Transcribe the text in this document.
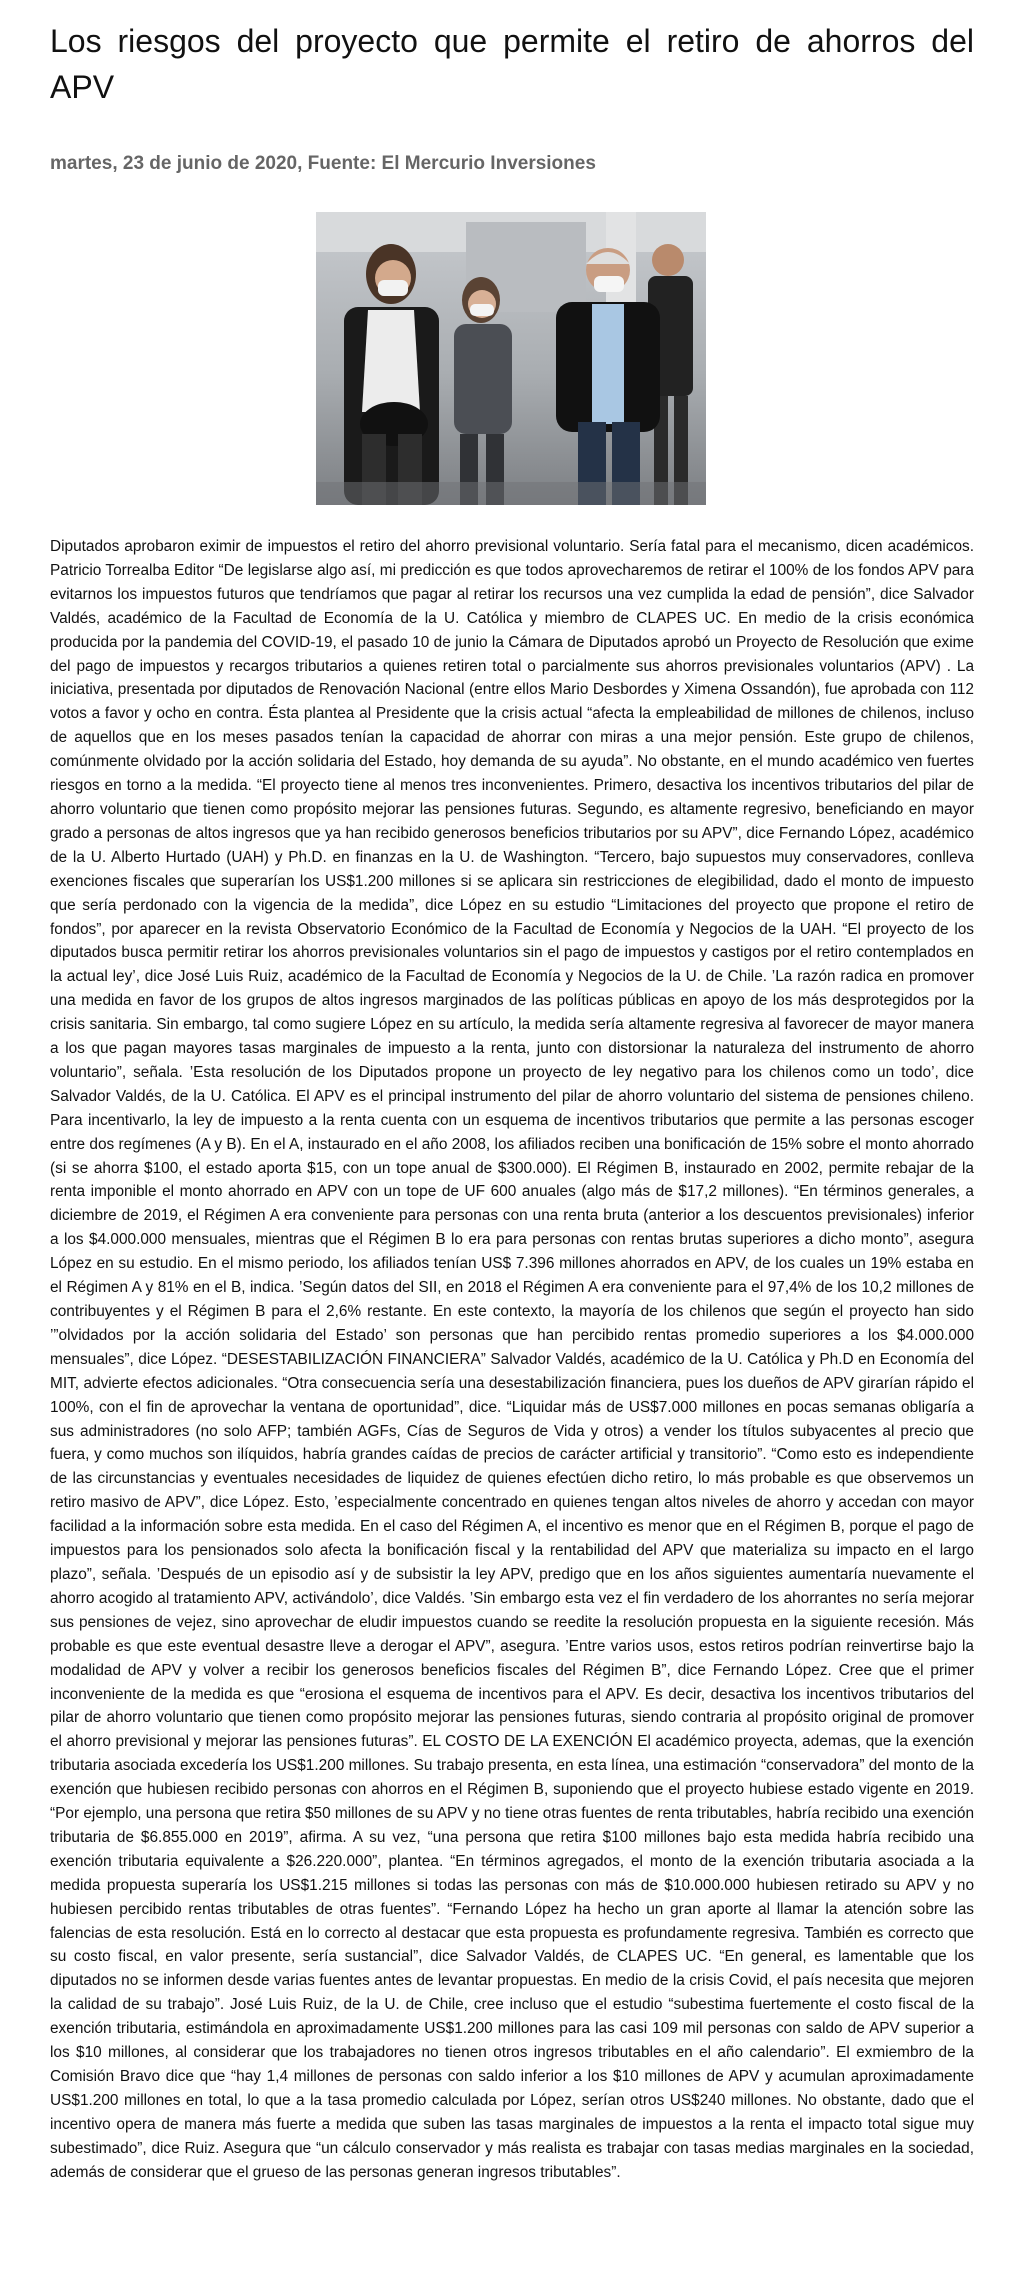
Los riesgos del proyecto que permite el retiro de ahorros del APV

martes, 23 de junio de 2020, Fuente: El Mercurio Inversiones

Diputados aprobaron eximir de impuestos el retiro del ahorro previsional voluntario. Sería fatal para el mecanismo, dicen académicos. Patricio Torrealba Editor “De legislarse algo así, mi predicción es que todos aprovecharemos de retirar el 100% de los fondos APV para evitarnos los impuestos futuros que tendríamos que pagar al retirar los recursos una vez cumplida la edad de pensión”, dice Salvador Valdés, académico de la Facultad de Economía de la U. Católica y miembro de CLAPES UC. En medio de la crisis económica producida por la pandemia del COVID-19, el pasado 10 de junio la Cámara de Diputados aprobó un Proyecto de Resolución que exime del pago de impuestos y recargos tributarios a quienes retiren total o parcialmente sus ahorros previsionales voluntarios (APV) . La iniciativa, presentada por diputados de Renovación Nacional (entre ellos Mario Desbordes y Ximena Ossandón), fue aprobada con 112 votos a favor y ocho en contra. Ésta plantea al Presidente que la crisis actual “afecta la empleabilidad de millones de chilenos, incluso de aquellos que en los meses pasados tenían la capacidad de ahorrar con miras a una mejor pensión. Este grupo de chilenos, comúnmente olvidado por la acción solidaria del Estado, hoy demanda de su ayuda”. No obstante, en el mundo académico ven fuertes riesgos en torno a la medida. “El proyecto tiene al menos tres inconvenientes. Primero, desactiva los incentivos tributarios del pilar de ahorro voluntario que tienen como propósito mejorar las pensiones futuras. Segundo, es altamente regresivo, beneficiando en mayor grado a personas de altos ingresos que ya han recibido generosos beneficios tributarios por su APV”, dice Fernando López, académico de la U. Alberto Hurtado (UAH) y Ph.D. en finanzas en la U. de Washington. “Tercero, bajo supuestos muy conservadores, conlleva exenciones fiscales que superarían los US$1.200 millones si se aplicara sin restricciones de elegibilidad, dado el monto de impuesto que sería perdonado con la vigencia de la medida”, dice López en su estudio “Limitaciones del proyecto que propone el retiro de fondos”, por aparecer en la revista Observatorio Económico de la Facultad de Economía y Negocios de la UAH. “El proyecto de los diputados busca permitir retirar los ahorros previsionales voluntarios sin el pago de impuestos y castigos por el retiro contemplados en la actual ley’, dice José Luis Ruiz, académico de la Facultad de Economía y Negocios de la U. de Chile. ’La razón radica en promover una medida en favor de los grupos de altos ingresos marginados de las políticas públicas en apoyo de los más desprotegidos por la crisis sanitaria. Sin embargo, tal como sugiere López en su artículo, la medida sería altamente regresiva al favorecer de mayor manera a los que pagan mayores tasas marginales de impuesto a la renta, junto con distorsionar la naturaleza del instrumento de ahorro voluntario”, señala. ’Esta resolución de los Diputados propone un proyecto de ley negativo para los chilenos como un todo’, dice Salvador Valdés, de la U. Católica. El APV es el principal instrumento del pilar de ahorro voluntario del sistema de pensiones chileno. Para incentivarlo, la ley de impuesto a la renta cuenta con un esquema de incentivos tributarios que permite a las personas escoger entre dos regímenes (A y B). En el A, instaurado en el año 2008, los afiliados reciben una bonificación de 15% sobre el monto ahorrado (si se ahorra $100, el estado aporta $15, con un tope anual de $300.000). El Régimen B, instaurado en 2002, permite rebajar de la renta imponible el monto ahorrado en APV con un tope de UF 600 anuales (algo más de $17,2 millones). “En términos generales, a diciembre de 2019, el Régimen A era conveniente para personas con una renta bruta (anterior a los descuentos previsionales) inferior a los $4.000.000 mensuales, mientras que el Régimen B lo era para personas con rentas brutas superiores a dicho monto”, asegura López en su estudio. En el mismo periodo, los afiliados tenían US$ 7.396 millones ahorrados en APV, de los cuales un 19% estaba en el Régimen A y 81% en el B, indica. ’Según datos del SII, en 2018 el Régimen A era conveniente para el 97,4% de los 10,2 millones de contribuyentes y el Régimen B para el 2,6% restante. En este contexto, la mayoría de los chilenos que según el proyecto han sido ’”olvidados por la acción solidaria del Estado’ son personas que han percibido rentas promedio superiores a los $4.000.000 mensuales”, dice López. “DESESTABILIZACIÓN FINANCIERA” Salvador Valdés, académico de la U. Católica y Ph.D en Economía del MIT, advierte efectos adicionales. “Otra consecuencia sería una desestabilización financiera, pues los dueños de APV girarían rápido el 100%, con el fin de aprovechar la ventana de oportunidad”, dice. “Liquidar más de US$7.000 millones en pocas semanas obligaría a sus administradores (no solo AFP; también AGFs, Cías de Seguros de Vida y otros) a vender los títulos subyacentes al precio que fuera, y como muchos son ilíquidos, habría grandes caídas de precios de carácter artificial y transitorio”. “Como esto es independiente de las circunstancias y eventuales necesidades de liquidez de quienes efectúen dicho retiro, lo más probable es que observemos un retiro masivo de APV”, dice López. Esto, ’especialmente concentrado en quienes tengan altos niveles de ahorro y accedan con mayor facilidad a la información sobre esta medida. En el caso del Régimen A, el incentivo es menor que en el Régimen B, porque el pago de impuestos para los pensionados solo afecta la bonificación fiscal y la rentabilidad del APV que materializa su impacto en el largo plazo”, señala. ’Después de un episodio así y de subsistir la ley APV, predigo que en los años siguientes aumentaría nuevamente el ahorro acogido al tratamiento APV, activándolo’, dice Valdés. ’Sin embargo esta vez el fin verdadero de los ahorrantes no sería mejorar sus pensiones de vejez, sino aprovechar de eludir impuestos cuando se reedite la resolución propuesta en la siguiente recesión. Más probable es que este eventual desastre lleve a derogar el APV”, asegura. ’Entre varios usos, estos retiros podrían reinvertirse bajo la modalidad de APV y volver a recibir los generosos beneficios fiscales del Régimen B”, dice Fernando López. Cree que el primer inconveniente de la medida es que “erosiona el esquema de incentivos para el APV. Es decir, desactiva los incentivos tributarios del pilar de ahorro voluntario que tienen como propósito mejorar las pensiones futuras, siendo contraria al propósito original de promover el ahorro previsional y mejorar las pensiones futuras”. EL COSTO DE LA EXENCIÓN El académico proyecta, ademas, que la exención tributaria asociada excedería los US$1.200 millones. Su trabajo presenta, en esta línea, una estimación “conservadora” del monto de la exención que hubiesen recibido personas con ahorros en el Régimen B, suponiendo que el proyecto hubiese estado vigente en 2019. “Por ejemplo, una persona que retira $50 millones de su APV y no tiene otras fuentes de renta tributables, habría recibido una exención tributaria de $6.855.000 en 2019”, afirma. A su vez, “una persona que retira $100 millones bajo esta medida habría recibido una exención tributaria equivalente a $26.220.000”, plantea. “En términos agregados, el monto de la exención tributaria asociada a la medida propuesta superaría los US$1.215 millones si todas las personas con más de $10.000.000 hubiesen retirado su APV y no hubiesen percibido rentas tributables de otras fuentes”. “Fernando López ha hecho un gran aporte al llamar la atención sobre las falencias de esta resolución. Está en lo correcto al destacar que esta propuesta es profundamente regresiva. También es correcto que su costo fiscal, en valor presente, sería sustancial”, dice Salvador Valdés, de CLAPES UC. “En general, es lamentable que los diputados no se informen desde varias fuentes antes de levantar propuestas. En medio de la crisis Covid, el país necesita que mejoren la calidad de su trabajo”. José Luis Ruiz, de la U. de Chile, cree incluso que el estudio “subestima fuertemente el costo fiscal de la exención tributaria, estimándola en aproximadamente US$1.200 millones para las casi 109 mil personas con saldo de APV superior a los $10 millones, al considerar que los trabajadores no tienen otros ingresos tributables en el año calendario”. El exmiembro de la Comisión Bravo dice que “hay 1,4 millones de personas con saldo inferior a los $10 millones de APV y acumulan aproximadamente US$1.200 millones en total, lo que a la tasa promedio calculada por López, serían otros US$240 millones. No obstante, dado que el incentivo opera de manera más fuerte a medida que suben las tasas marginales de impuestos a la renta el impacto total sigue muy subestimado”, dice Ruiz. Asegura que “un cálculo conservador y más realista es trabajar con tasas medias marginales en la sociedad, además de considerar que el grueso de las personas generan ingresos tributables”.
